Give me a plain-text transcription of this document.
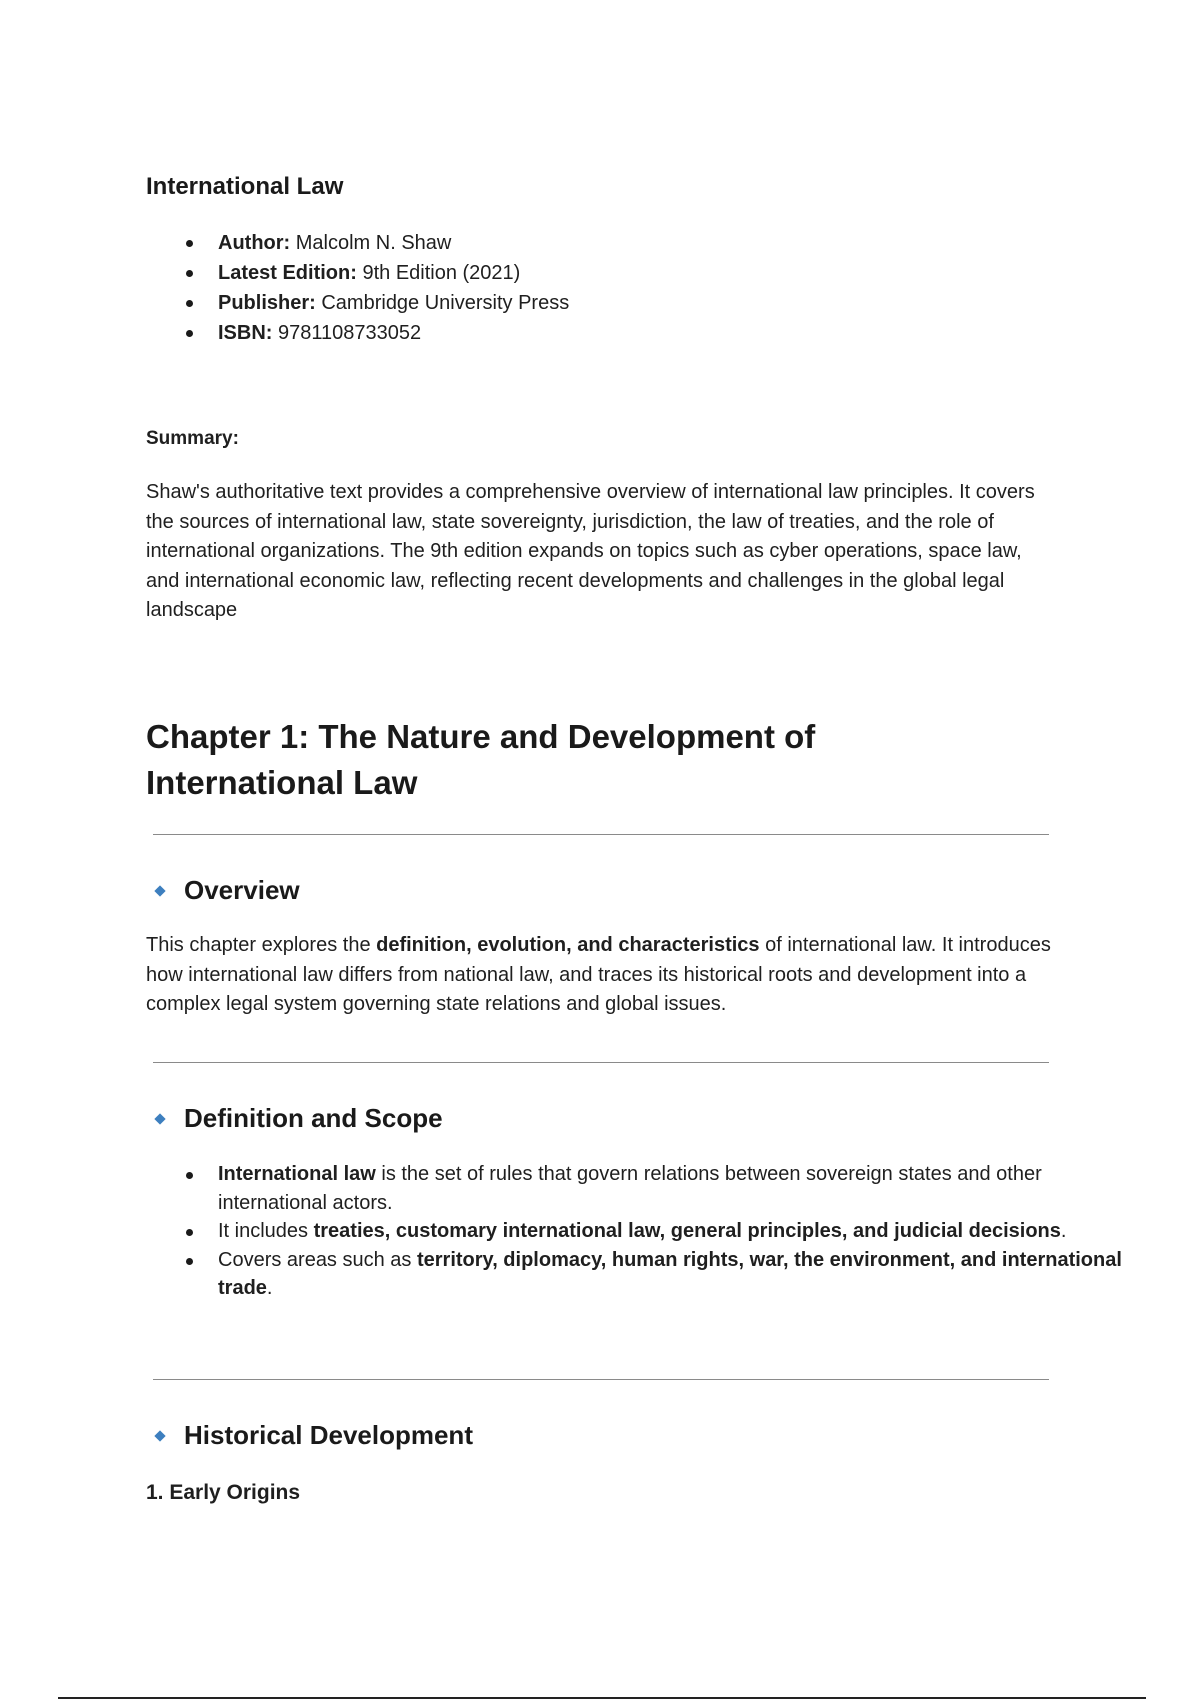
International Law
Author: Malcolm N. Shaw
Latest Edition: 9th Edition (2021)
Publisher: Cambridge University Press
ISBN: 9781108733052
Summary:

Shaw's authoritative text provides a comprehensive overview of international law principles. It covers the sources of international law, state sovereignty, jurisdiction, the law of treaties, and the role of international organizations. The 9th edition expands on topics such as cyber operations, space law, and international economic law, reflecting recent developments and challenges in the global legal landscape

Chapter 1: The Nature and Development of International Law
Overview

This chapter explores the definition, evolution, and characteristics of international law. It introduces how international law differs from national law, and traces its historical roots and development into a complex legal system governing state relations and global issues.

Definition and Scope
International law is the set of rules that govern relations between sovereign states and other international actors.
It includes treaties, customary international law, general principles, and judicial decisions.
Covers areas such as territory, diplomacy, human rights, war, the environment, and international trade.
Historical Development
1. Early Origins
